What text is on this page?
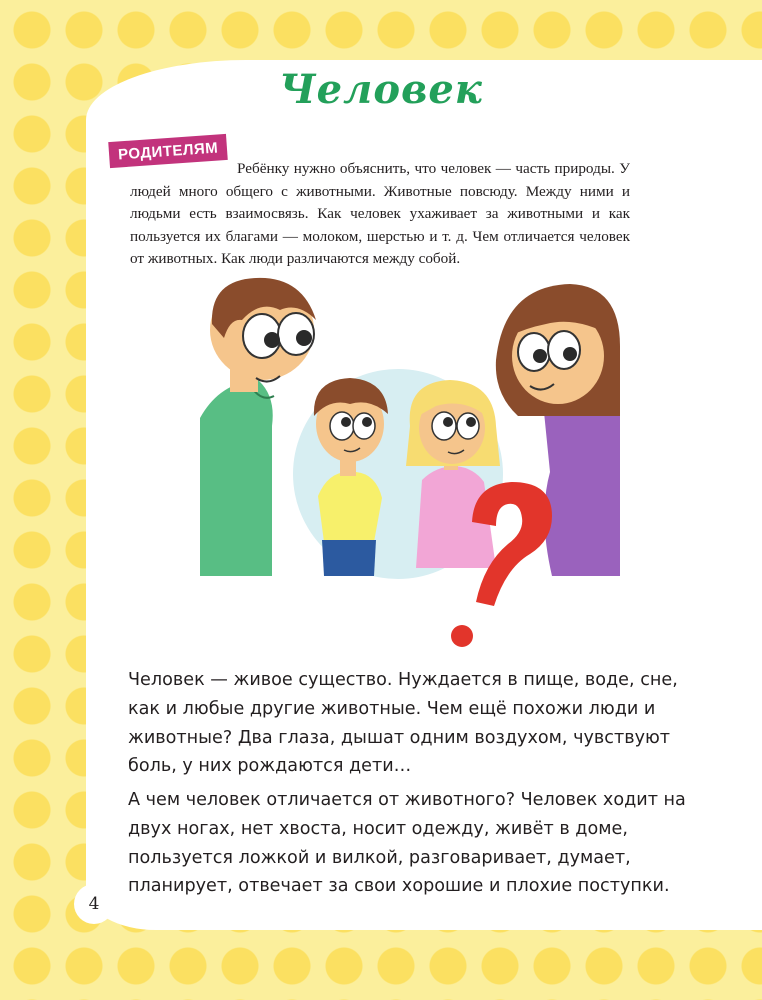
Человек
РОДИТЕЛЯМ

Ребёнку нужно объяснить, что человек — часть природы. У людей много общего с животными. Животные повсюду. Между ними и людьми есть взаимосвязь. Как человек ухаживает за животными и как пользуется их благами — молоком, шерстью и т. д. Чем отличается человек от животных. Как люди различаются между собой.

Человек — живое существо. Нуждается в пище, воде, сне, как и любые другие животные. Чем ещё похожи люди и животные? Два глаза, дышат одним воздухом, чувствуют боль, у них рождаются дети…

А чем человек отличается от животного? Человек ходит на двух ногах, нет хвоста, носит одежду, живёт в доме, пользуется ложкой и вилкой, разговаривает, думает, планирует, отвечает за свои хорошие и плохие поступки.

4
